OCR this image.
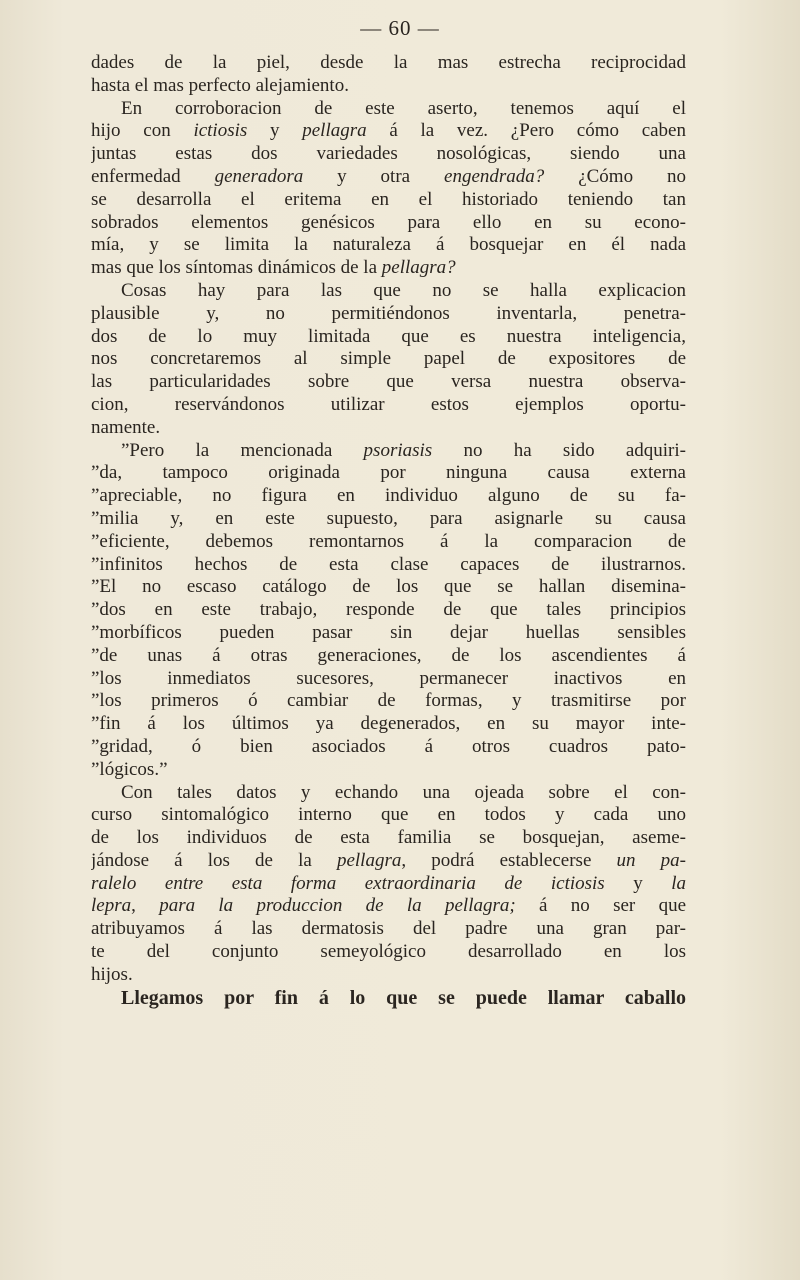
— 60 —
dades de la piel, desde la mas estrecha reciprocidad
hasta el mas perfecto alejamiento.
En corroboracion de este aserto, tenemos aquí el
hijo con ictiosis y pellagra á la vez. ¿Pero cómo caben
juntas estas dos variedades nosológicas, siendo una
enfermedad generadora y otra engendrada? ¿Cómo no
se desarrolla el eritema en el historiado teniendo tan
sobrados elementos genésicos para ello en su econo-
mía, y se limita la naturaleza á bosquejar en él nada
mas que los síntomas dinámicos de la pellagra?
Cosas hay para las que no se halla explicacion
plausible y, no permitiéndonos inventarla, penetra-
dos de lo muy limitada que es nuestra inteligencia,
nos concretaremos al simple papel de expositores de
las particularidades sobre que versa nuestra observa-
cion, reservándonos utilizar estos ejemplos oportu-
namente.
”Pero la mencionada psoriasis no ha sido adquiri-
”da, tampoco originada por ninguna causa externa
”apreciable, no figura en individuo alguno de su fa-
”milia y, en este supuesto, para asignarle su causa
”eficiente, debemos remontarnos á la comparacion de
”infinitos hechos de esta clase capaces de ilustrarnos.
”El no escaso catálogo de los que se hallan disemina-
”dos en este trabajo, responde de que tales principios
”morbíficos pueden pasar sin dejar huellas sensibles
”de unas á otras generaciones, de los ascendientes á
”los inmediatos sucesores, permanecer inactivos en
”los primeros ó cambiar de formas, y trasmitirse por
”fin á los últimos ya degenerados, en su mayor inte-
”gridad, ó bien asociados á otros cuadros pato-
”lógicos.”
Con tales datos y echando una ojeada sobre el con-
curso sintomalógico interno que en todos y cada uno
de los individuos de esta familia se bosquejan, aseme-
jándose á los de la pellagra, podrá establecerse un pa-
ralelo entre esta forma extraordinaria de ictiosis y la
lepra, para la produccion de la pellagra; á no ser que
atribuyamos á las dermatosis del padre una gran par-
te del conjunto semeyológico desarrollado en los
hijos.
Llegamos por fin á lo que se puede llamar caballo
